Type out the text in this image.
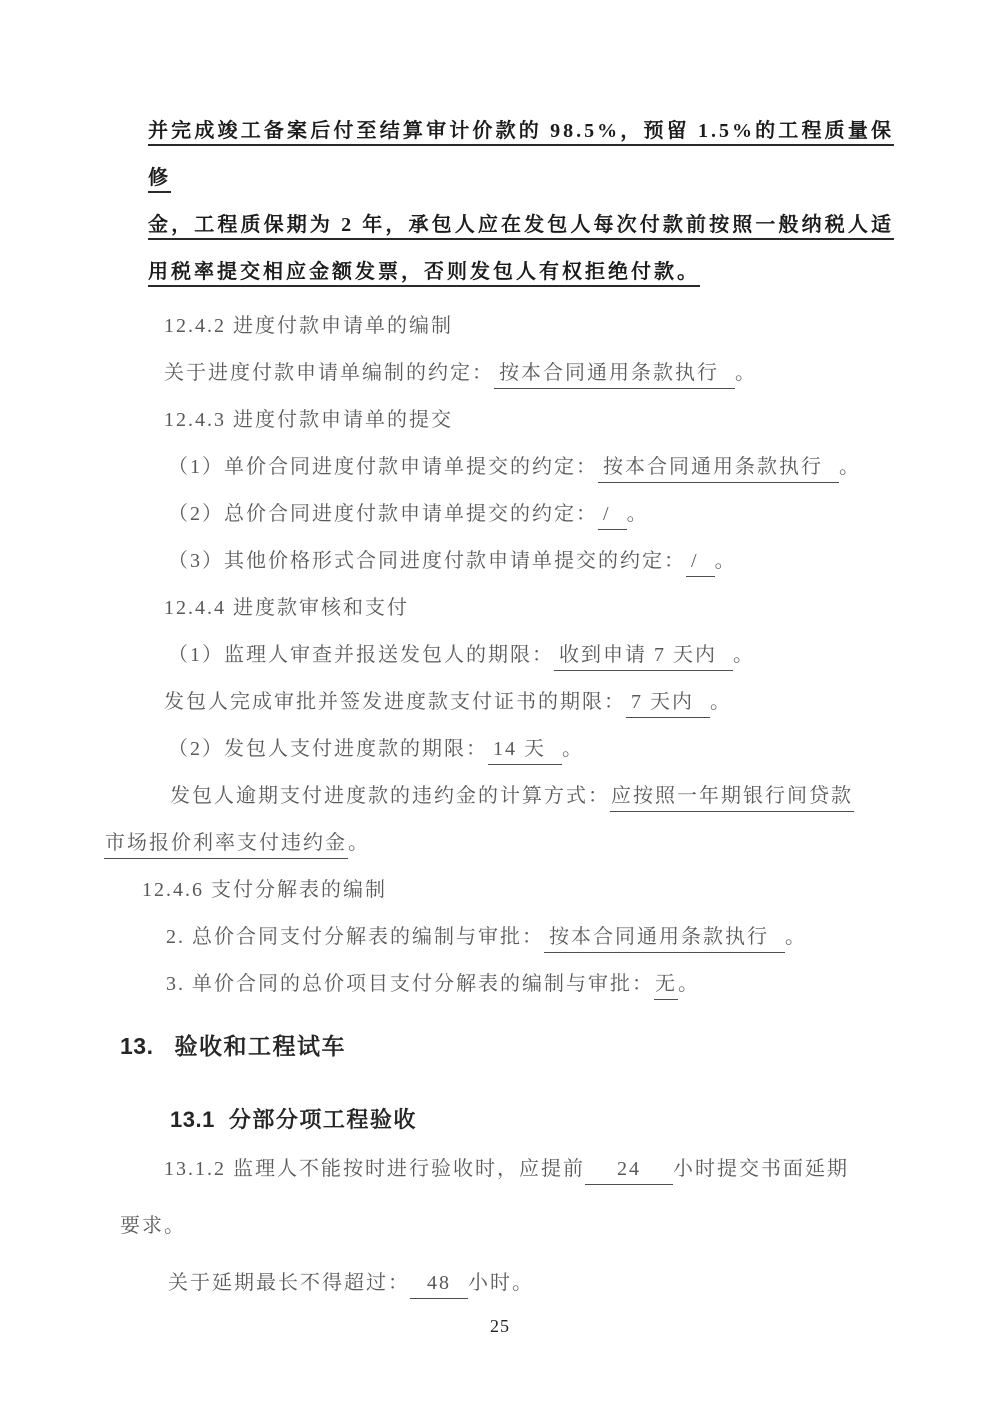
并完成竣工备案后付至结算审计价款的 98.5%，预留 1.5%的工程质量保修
金，工程质保期为 2 年，承包人应在发包人每次付款前按照一般纳税人适
用税率提交相应金额发票，否则发包人有权拒绝付款。
12.4.2 进度付款申请单的编制
关于进度付款申请单编制的约定： 按本合同通用条款执行 。
12.4.3 进度付款申请单的提交
（1）单价合同进度付款申请单提交的约定： 按本合同通用条款执行 。
（2）总价合同进度付款申请单提交的约定： / 。
（3）其他价格形式合同进度付款申请单提交的约定： / 。
12.4.4 进度款审核和支付
（1）监理人审查并报送发包人的期限： 收到申请 7 天内 。
发包人完成审批并签发进度款支付证书的期限： 7 天内 。
（2）发包人支付进度款的期限： 14 天 。
发包人逾期支付进度款的违约金的计算方式：应按照一年期银行间贷款
市场报价利率支付违约金。
12.4.6 支付分解表的编制
2. 总价合同支付分解表的编制与审批： 按本合同通用条款执行 。
3. 单价合同的总价项目支付分解表的编制与审批：无。
13. 验收和工程试车
13.1 分部分项工程验收
13.1.2 监理人不能按时进行验收时，应提前 24 小时提交书面延期
要求。
关于延期最长不得超过： 48 小时。
25
